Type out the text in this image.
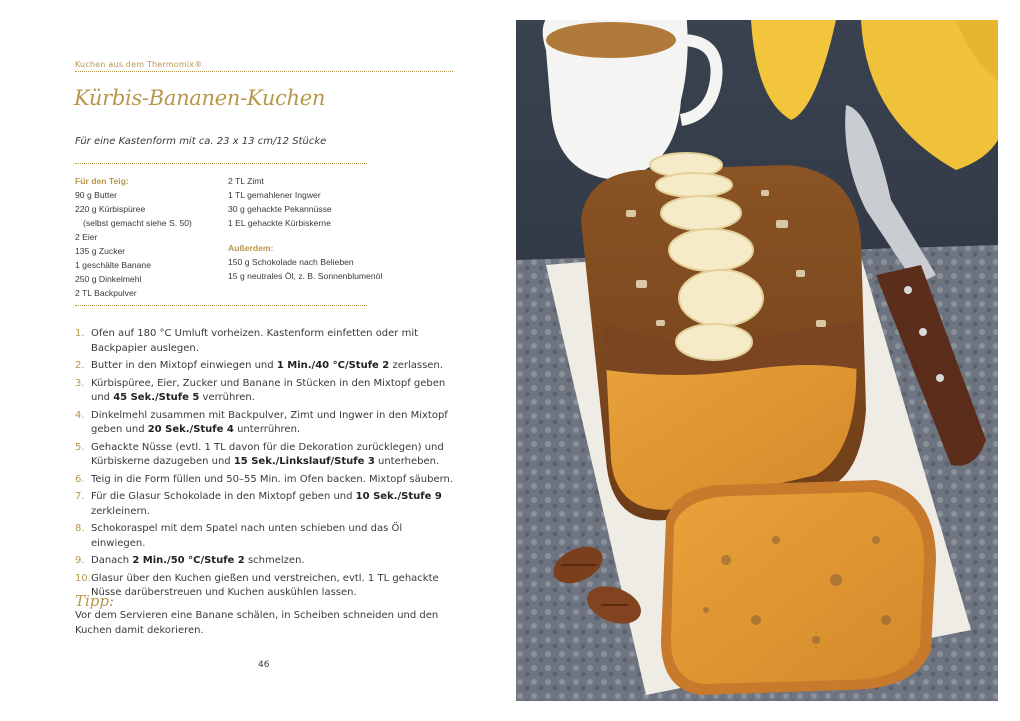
Kuchen aus dem Thermomix®
Kürbis-Bananen-Kuchen
Für eine Kastenform mit ca. 23 x 13 cm/12 Stücke
Für den Teig:
90 g Butter
220 g Kürbispüree
(selbst gemacht siehe S. 50)
2 Eier
135 g Zucker
1 geschälte Banane
250 g Dinkelmehl
2 TL Backpulver
2 TL Zimt
1 TL gemahlener Ingwer
30 g gehackte Pekannüsse
1 EL gehackte Kürbiskerne
Außerdem:
150 g Schokolade nach Belieben
15 g neutrales Öl, z. B. Sonnenblumenöl
1. Ofen auf 180 °C Umluft vorheizen. Kastenform einfetten oder mit Backpapier auslegen.
2. Butter in den Mixtopf einwiegen und 1 Min./40 °C/Stufe 2 zerlassen.
3. Kürbispüree, Eier, Zucker und Banane in Stücken in den Mixtopf geben und 45 Sek./Stufe 5 verrühren.
4. Dinkelmehl zusammen mit Backpulver, Zimt und Ingwer in den Mixtopf geben und 20 Sek./Stufe 4 unterrühren.
5. Gehackte Nüsse (evtl. 1 TL davon für die Dekoration zurücklegen) und Kürbiskerne dazugeben und 15 Sek./Linkslauf/Stufe 3 unterheben.
6. Teig in die Form füllen und 50–55 Min. im Ofen backen. Mixtopf säubern.
7. Für die Glasur Schokolade in den Mixtopf geben und 10 Sek./Stufe 9 zerkleinern.
8. Schokoraspel mit dem Spatel nach unten schieben und das Öl einwiegen.
9. Danach 2 Min./50 °C/Stufe 2 schmelzen.
10. Glasur über den Kuchen gießen und verstreichen, evtl. 1 TL gehackte Nüsse darüberstreuen und Kuchen auskühlen lassen.
Tipp:
Vor dem Servieren eine Banane schälen, in Scheiben schneiden und den Kuchen damit dekorieren.
46
